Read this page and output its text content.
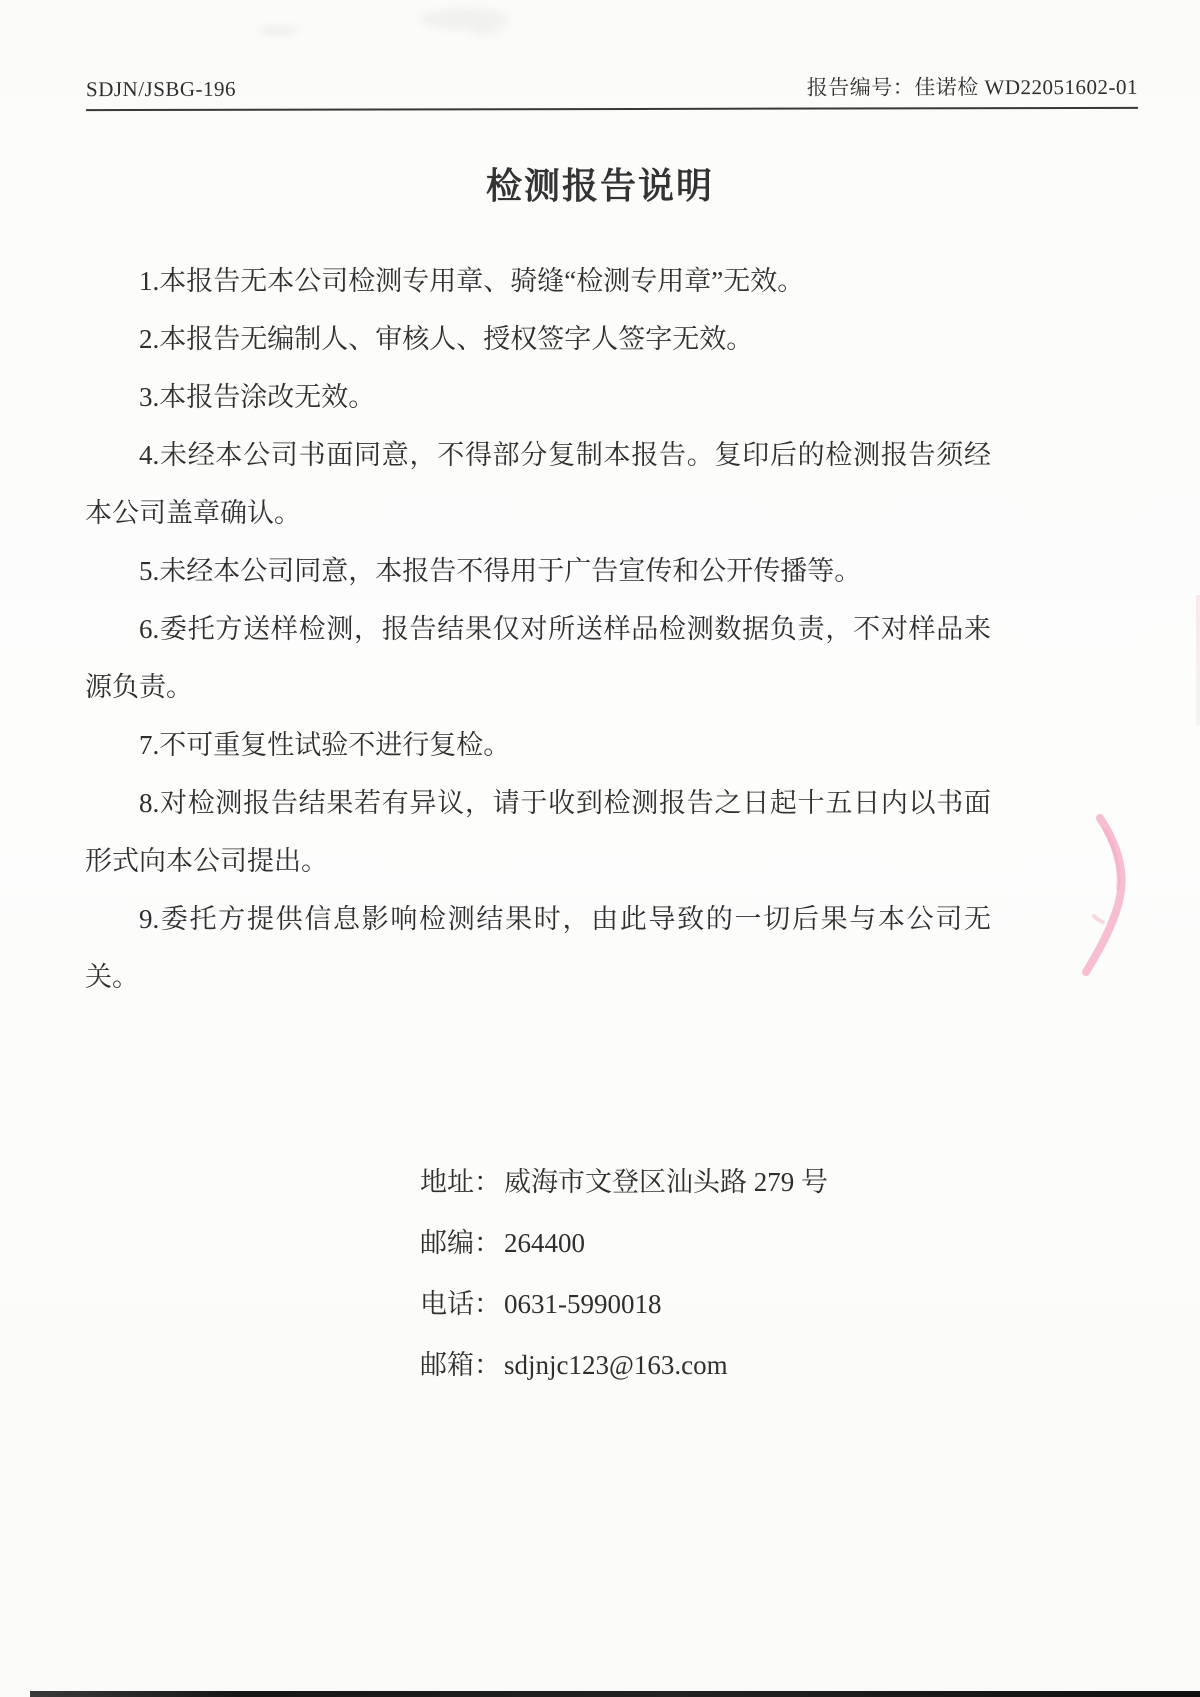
SDJN/JSBG-196	报告编号：佳诺检 WD22051602-01
检测报告说明

1.本报告无本公司检测专用章、骑缝“检测专用章”无效。

2.本报告无编制人、审核人、授权签字人签字无效。

3.本报告涂改无效。

4.未经本公司书面同意，不得部分复制本报告。复印后的检测报告须经本公司盖章确认。

5.未经本公司同意，本报告不得用于广告宣传和公开传播等。

6.委托方送样检测，报告结果仅对所送样品检测数据负责，不对样品来源负责。

7.不可重复性试验不进行复检。

8.对检测报告结果若有异议，请于收到检测报告之日起十五日内以书面形式向本公司提出。

9.委托方提供信息影响检测结果时，由此导致的一切后果与本公司无关。

地址： 威海市文登区汕头路 279 号
邮编： 264400
电话： 0631-5990018
邮箱： sdjnjc123@163.com
